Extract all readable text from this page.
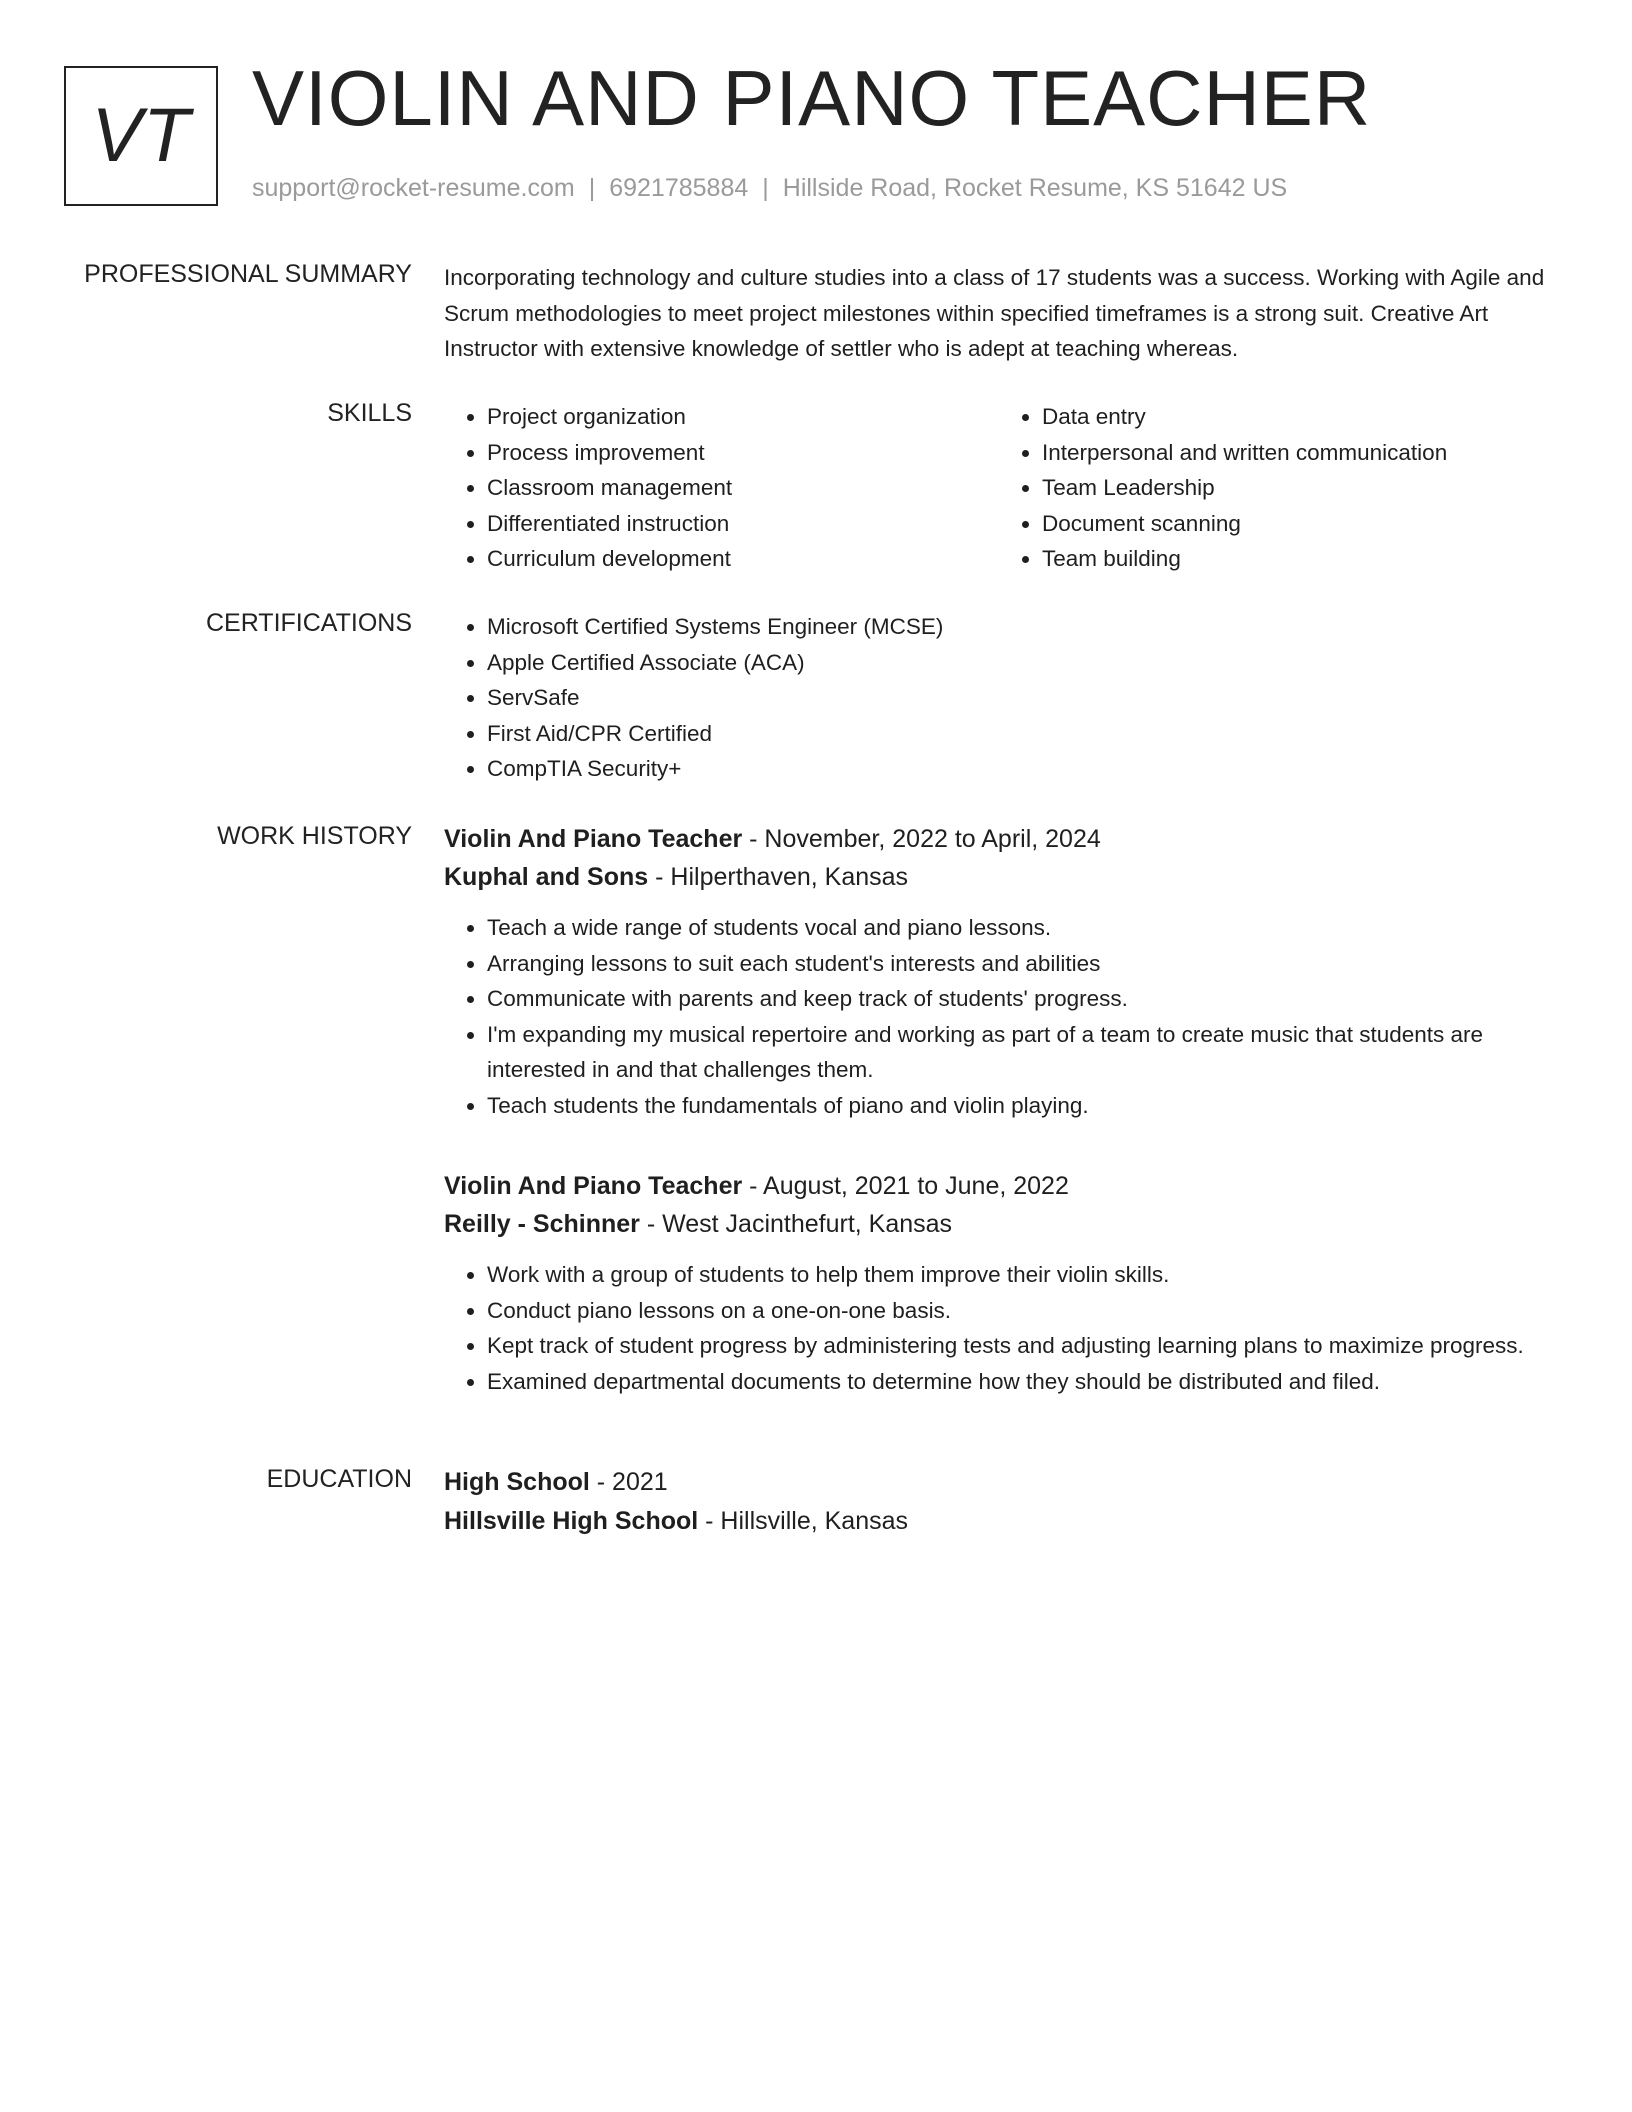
VT VIOLIN AND PIANO TEACHER
support@rocket-resume.com | 6921785884 | Hillside Road, Rocket Resume, KS 51642 US
PROFESSIONAL SUMMARY Incorporating technology and culture studies into a class of 17 students was a success. Working with Agile and Scrum methodologies to meet project milestones within specified timeframes is a strong suit. Creative Art Instructor with extensive knowledge of settler who is adept at teaching whereas.

SKILLS	• Project organization
• Process improvement
• Classroom management
• Differentiated instruction
• Curriculum development
• Data entry
• Interpersonal and written communication
• Team Leadership
• Document scanning
• Team building
CERTIFICATIONS	• Microsoft Certified Systems Engineer (MCSE)
• Apple Certified Associate (ACA)
• ServSafe
• First Aid/CPR Certified
• CompTIA Security+
WORK HISTORY Violin And Piano Teacher - November, 2022 to April, 2024
Kuphal and Sons - Hilperthaven, Kansas
• Teach a wide range of students vocal and piano lessons.
• Arranging lessons to suit each student's interests and abilities
• Communicate with parents and keep track of students' progress.
• I'm expanding my musical repertoire and working as part of a team to create music that students are interested in and that challenges them.
• Teach students the fundamentals of piano and violin playing.
Violin And Piano Teacher - August, 2021 to June, 2022
Reilly - Schinner - West Jacinthefurt, Kansas
• Work with a group of students to help them improve their violin skills.
• Conduct piano lessons on a one-on-one basis.
• Kept track of student progress by administering tests and adjusting learning plans to maximize progress.
• Examined departmental documents to determine how they should be distributed and filed.
EDUCATION High School - 2021
Hillsville High School - Hillsville, Kansas
